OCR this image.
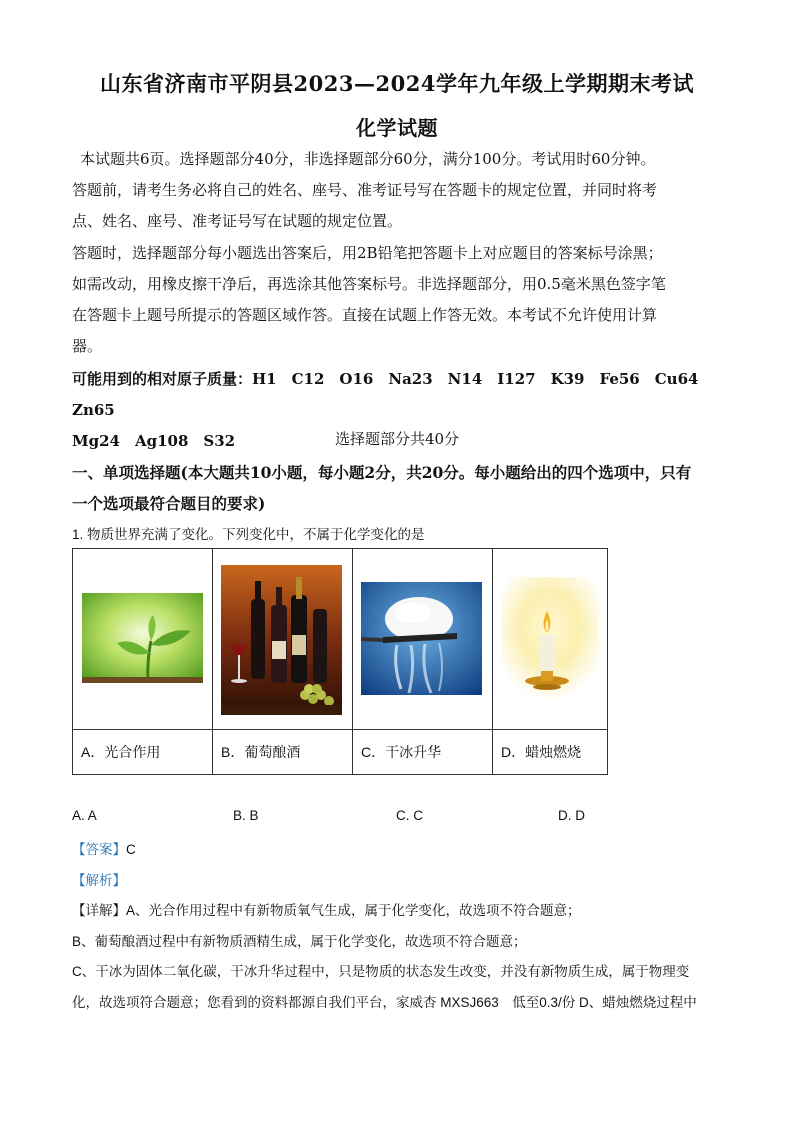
山东省济南市平阴县2023—2024学年九年级上学期期末考试
化学试题
本试题共6页。选择题部分40分，非选择题部分60分，满分100分。考试用时60分钟。
答题前，请考生务必将自己的姓名、座号、准考证号写在答题卡的规定位置，并同时将考
点、姓名、座号、准考证号写在试题的规定位置。
答题时，选择题部分每小题选出答案后，用2B铅笔把答题卡上对应题目的答案标号涂黑；
如需改动，用橡皮擦干净后，再选涂其他答案标号。非选择题部分，用0.5毫米黑色签字笔
在答题卡上题号所提示的答题区域作答。直接在试题上作答无效。本考试不允许使用计算
器。
可能用到的相对原子质量：H1　C12　O16　Na23　N14　I127　K39　Fe56　Cu64　Zn65
Mg24　Ag108　S32	选择题部分共40分
一、单项选择题(本大题共10小题，每小题2分，共20分。每小题给出的四个选项中，只有
一个选项最符合题目的要求)
1. 物质世界充满了变化。下列变化中，不属于化学变化的是

A．光合作用	B．葡萄酿酒	C．干冰升华	D．蜡烛燃烧
A. A	B. B	C. C	D. D
【答案】C
【解析】
【详解】A、光合作用过程中有新物质氧气生成，属于化学变化，故选项不符合题意；
B、葡萄酿酒过程中有新物质酒精生成，属于化学变化，故选项不符合题意；
C、干冰为固体二氧化碳，干冰升华过程中，只是物质的状态发生改变，并没有新物质生成，属于物理变
化，故选项符合题意；您看到的资料都源自我们平台，家威杏 MXSJ663　低至0.3/份 D、蜡烛燃烧过程中
